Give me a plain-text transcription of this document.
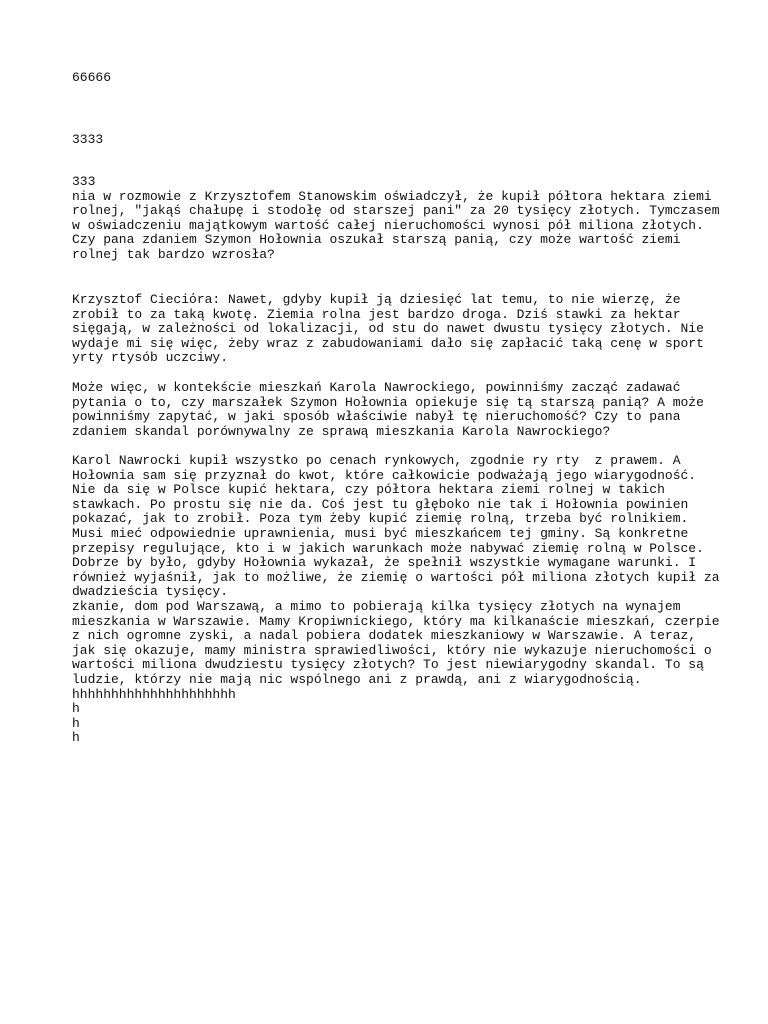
66666
3333
333
nia w rozmowie z Krzysztofem Stanowskim oświadczył, że kupił półtora hektara ziemi
rolnej, "jakąś chałupę i stodołę od starszej pani" za 20 tysięcy złotych. Tymczasem
w oświadczeniu majątkowym wartość całej nieruchomości wynosi pół miliona złotych.
Czy pana zdaniem Szymon Hołownia oszukał starszą panią, czy może wartość ziemi
rolnej tak bardzo wzrosła?
Krzysztof Cieciόra: Nawet, gdyby kupił ją dziesięć lat temu, to nie wierzę, że
zrobił to za taką kwotę. Ziemia rolna jest bardzo droga. Dziś stawki za hektar
sięgają, w zależności od lokalizacji, od stu do nawet dwustu tysięcy złotych. Nie
wydaje mi się więc, żeby wraz z zabudowaniami dało się zapłacić taką cenę w sport
yrty rtysób uczciwy.
Może więc, w kontekście mieszkań Karola Nawrockiego, powinniśmy zacząć zadawać
pytania o to, czy marszałek Szymon Hołownia opiekuje się tą starszą panią? A może
powinniśmy zapytać, w jaki sposób właściwie nabył tę nieruchomość? Czy to pana
zdaniem skandal porównywalny ze sprawą mieszkania Karola Nawrockiego?
Karol Nawrocki kupił wszystko po cenach rynkowych, zgodnie ry rty  z prawem. A
Hołownia sam się przyznał do kwot, które całkowicie podważają jego wiarygodność.
Nie da się w Polsce kupić hektara, czy półtora hektara ziemi rolnej w takich
stawkach. Po prostu się nie da. Coś jest tu głęboko nie tak i Hołownia powinien
pokazać, jak to zrobił. Poza tym żeby kupić ziemię rolną, trzeba być rolnikiem.
Musi mieć odpowiednie uprawnienia, musi być mieszkańcem tej gminy. Są konkretne
przepisy regulujące, kto i w jakich warunkach może nabywać ziemię rolną w Polsce.
Dobrze by było, gdyby Hołownia wykazał, że spełnił wszystkie wymagane warunki. I
również wyjaśnił, jak to możliwe, że ziemię o wartości pół miliona złotych kupił za
dwadzieścia tysięcy.
zkanie, dom pod Warszawą, a mimo to pobierają kilka tysięcy złotych na wynajem
mieszkania w Warszawie. Mamy Kropiwnickiego, który ma kilkanaście mieszkań, czerpie
z nich ogromne zyski, a nadal pobiera dodatek mieszkaniowy w Warszawie. A teraz,
jak się okazuje, mamy ministra sprawiedliwości, który nie wykazuje nieruchomości o
wartości miliona dwudziestu tysięcy złotych? To jest niewiarygodny skandal. To są
ludzie, którzy nie mają nic wspólnego ani z prawdą, ani z wiarygodnością.
hhhhhhhhhhhhhhhhhhhhh
h
h
h
